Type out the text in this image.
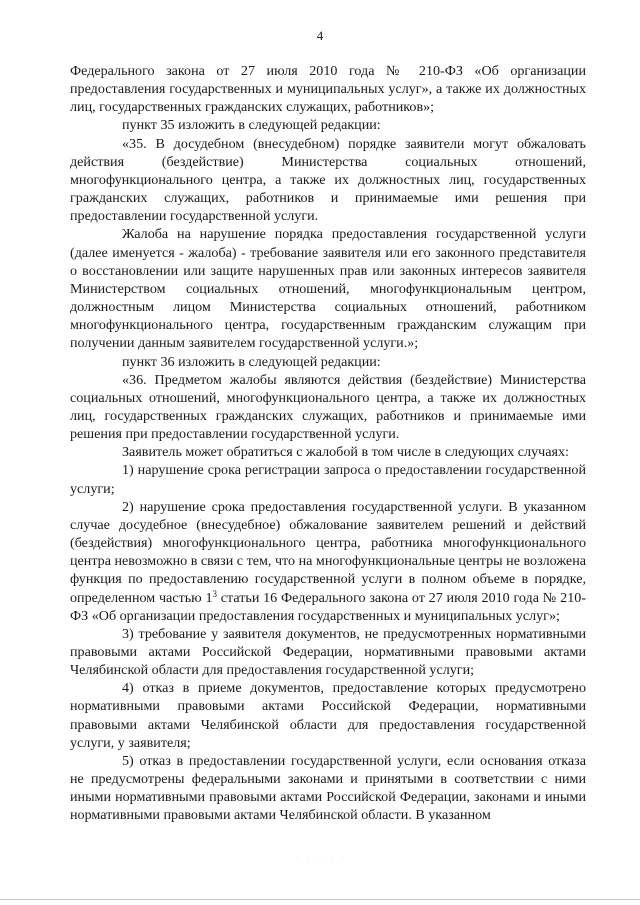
4

Федерального закона от 27 июля 2010 года № 210-ФЗ «Об организации предоставления государственных и муниципальных услуг», а также их должностных лиц, государственных гражданских служащих, работников»;

пункт 35 изложить в следующей редакции:

«35. В досудебном (внесудебном) порядке заявители могут обжаловать действия (бездействие) Министерства социальных отношений, многофункционального центра, а также их должностных лиц, государственных гражданских служащих, работников и принимаемые ими решения при предоставлении государственной услуги.

Жалоба на нарушение порядка предоставления государственной услуги (далее именуется - жалоба) - требование заявителя или его законного представителя о восстановлении или защите нарушенных прав или законных интересов заявителя Министерством социальных отношений, многофункциональным центром, должностным лицом Министерства социальных отношений, работником многофункционального центра, государственным гражданским служащим при получении данным заявителем государственной услуги.»;

пункт 36 изложить в следующей редакции:

«36. Предметом жалобы являются действия (бездействие) Министерства социальных отношений, многофункционального центра, а также их должностных лиц, государственных гражданских служащих, работников и принимаемые ими решения при предоставлении государственной услуги.

Заявитель может обратиться с жалобой в том числе в следующих случаях:

1) нарушение срока регистрации запроса о предоставлении государственной услуги;

2) нарушение срока предоставления государственной услуги. В указанном случае досудебное (внесудебное) обжалование заявителем решений и действий (бездействия) многофункционального центра, работника многофункционального центра невозможно в связи с тем, что на многофункциональные центры не возложена функция по предоставлению государственной услуги в полном объеме в порядке, определенном частью $1^3$ статьи 16 Федерального закона от 27 июля 2010 года № 210-ФЗ «Об организации предоставления государственных и муниципальных услуг»;

3) требование у заявителя документов, не предусмотренных нормативными правовыми актами Российской Федерации, нормативными правовыми актами Челябинской области для предоставления государственной услуги;

4) отказ в приеме документов, предоставление которых предусмотрено нормативными правовыми актами Российской Федерации, нормативными правовыми актами Челябинской области для предоставления государственной услуги, у заявителя;

5) отказ в предоставлении государственной услуги, если основания отказа не предусмотрены федеральными законами и принятыми в соответствии с ними иными нормативными правовыми актами Российской Федерации, законами и иными нормативными правовыми актами Челябинской области. В указанном

· · ˙ · ·
